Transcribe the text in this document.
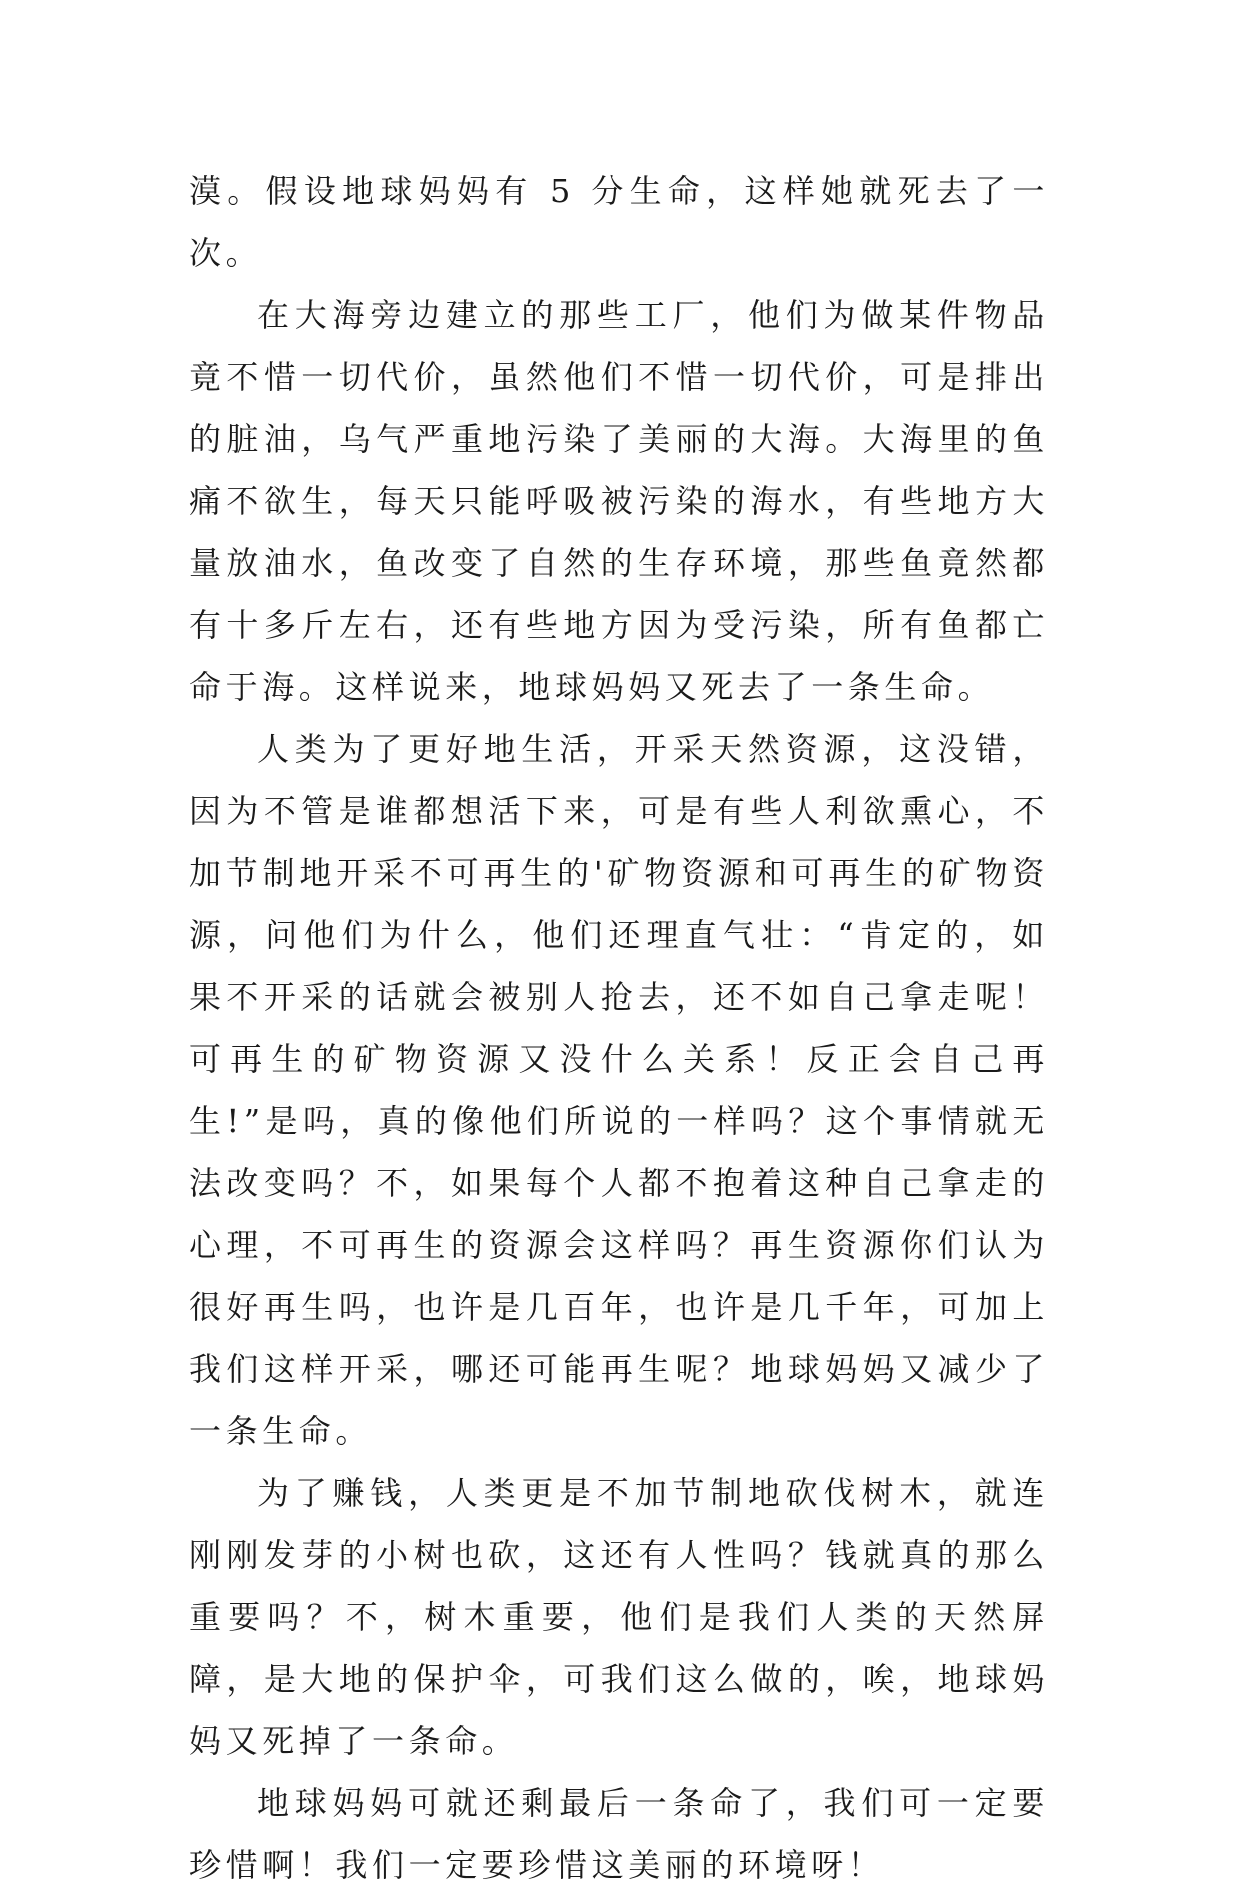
漠。假设地球妈妈有 5 分生命，这样她就死去了一次。

在大海旁边建立的那些工厂，他们为做某件物品竟不惜一切代价，虽然他们不惜一切代价，可是排出的脏油，乌气严重地污染了美丽的大海。大海里的鱼痛不欲生，每天只能呼吸被污染的海水，有些地方大量放油水，鱼改变了自然的生存环境，那些鱼竟然都有十多斤左右，还有些地方因为受污染，所有鱼都亡命于海。这样说来，地球妈妈又死去了一条生命。

人类为了更好地生活，开采天然资源，这没错，因为不管是谁都想活下来，可是有些人利欲熏心，不加节制地开采不可再生的'矿物资源和可再生的矿物资源，问他们为什么，他们还理直气壮：“肯定的，如果不开采的话就会被别人抢去，还不如自己拿走呢！可再生的矿物资源又没什么关系！反正会自己再生!”是吗，真的像他们所说的一样吗？这个事情就无法改变吗？不，如果每个人都不抱着这种自己拿走的心理，不可再生的资源会这样吗？再生资源你们认为很好再生吗，也许是几百年，也许是几千年，可加上我们这样开采，哪还可能再生呢？地球妈妈又减少了一条生命。

为了赚钱，人类更是不加节制地砍伐树木，就连刚刚发芽的小树也砍，这还有人性吗？钱就真的那么重要吗？不，树木重要，他们是我们人类的天然屏障，是大地的保护伞，可我们这么做的，唉，地球妈妈又死掉了一条命。

地球妈妈可就还剩最后一条命了，我们可一定要珍惜啊！我们一定要珍惜这美丽的环境呀！
